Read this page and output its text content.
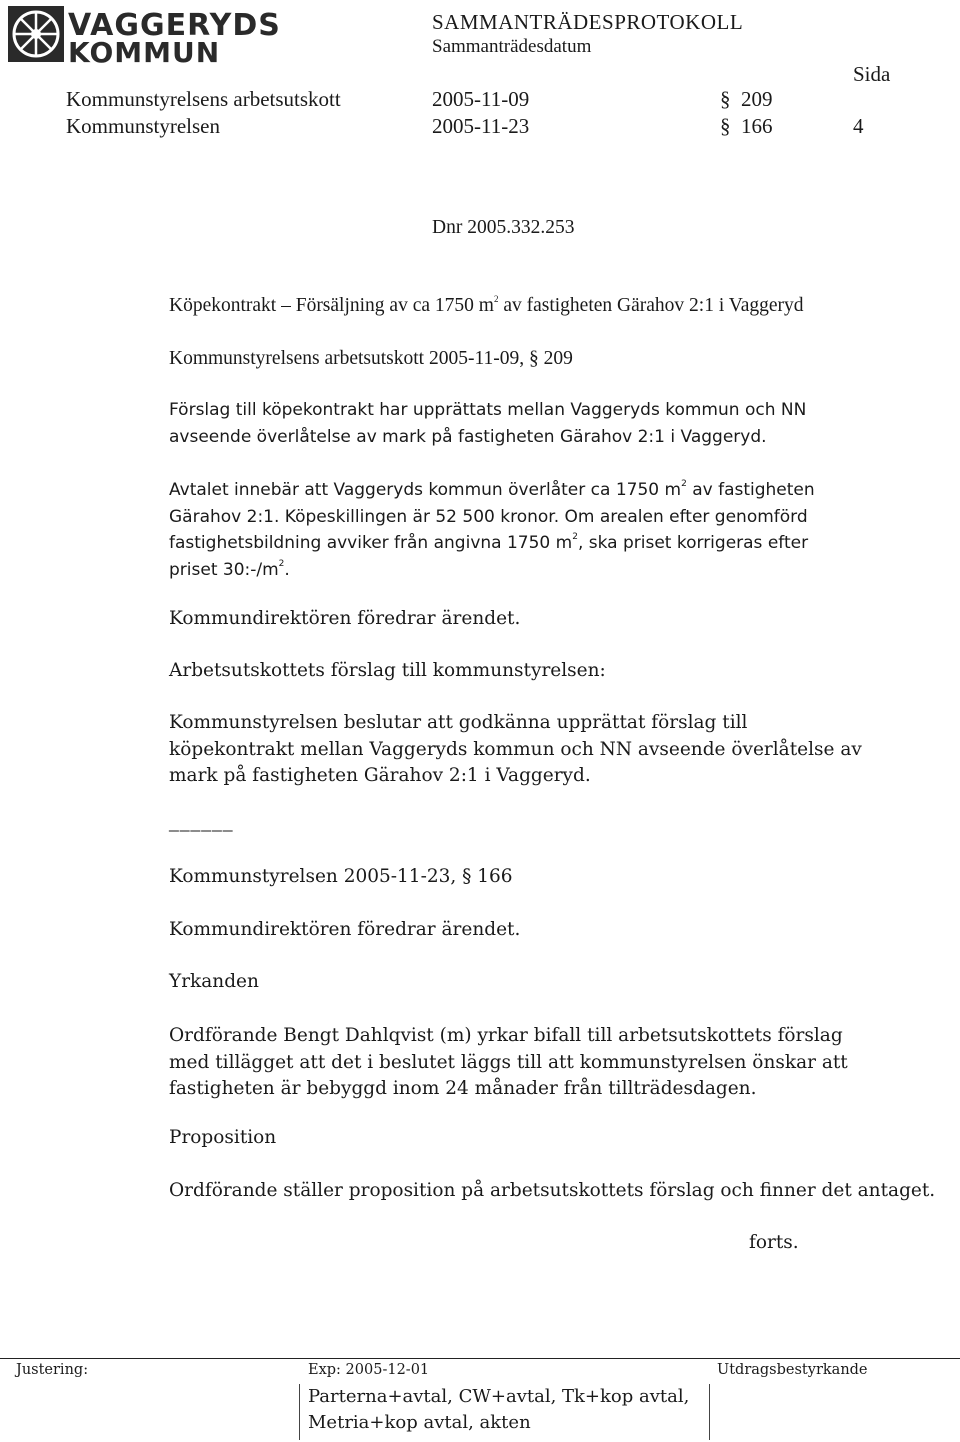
VAGGERYDS
KOMMUN
SAMMANTRÄDESPROTOKOLL
Sammanträdesdatum
Sida
Kommunstyrelsens arbetsutskott	2005-11-09	§ 209
Kommunstyrelsen	2005-11-23	§ 166	4
Dnr 2005.332.253
Köpekontrakt – Försäljning av ca 1750 $m^2$ av fastigheten Gärahov 2:1 i Vaggeryd
Kommunstyrelsens arbetsutskott 2005-11-09, § 209
Förslag till köpekontrakt har upprättats mellan Vaggeryds kommun och NN avseende överlåtelse av mark på fastigheten Gärahov 2:1 i Vaggeryd.
Avtalet innebär att Vaggeryds kommun överlåter ca 1750 $m^2$ av fastigheten Gärahov 2:1. Köpeskillingen är 52 500 kronor. Om arealen efter genomförd fastighetsbildning avviker från angivna 1750 $m^2$, ska priset korrigeras efter priset $30:-/m^2$.
Kommundirektören föredrar ärendet.
Arbetsutskottets förslag till kommunstyrelsen:
Kommunstyrelsen beslutar att godkänna upprättat förslag till köpekontrakt mellan Vaggeryds kommun och NN avseende överlåtelse av mark på fastigheten Gärahov 2:1 i Vaggeryd.
______
Kommunstyrelsen 2005-11-23, § 166
Kommundirektören föredrar ärendet.
Yrkanden
Ordförande Bengt Dahlqvist (m) yrkar bifall till arbetsutskottets förslag med tillägget att det i beslutet läggs till att kommunstyrelsen önskar att fastigheten är bebyggd inom 24 månader från tillträdesdagen.
Proposition
Ordförande ställer proposition på arbetsutskottets förslag och finner det antaget.
forts.
Justering:	Exp: 2005-12-01	Utdragsbestyrkande
Parterna+avtal, CW+avtal, Tk+kop avtal,
Metria+kop avtal, akten
